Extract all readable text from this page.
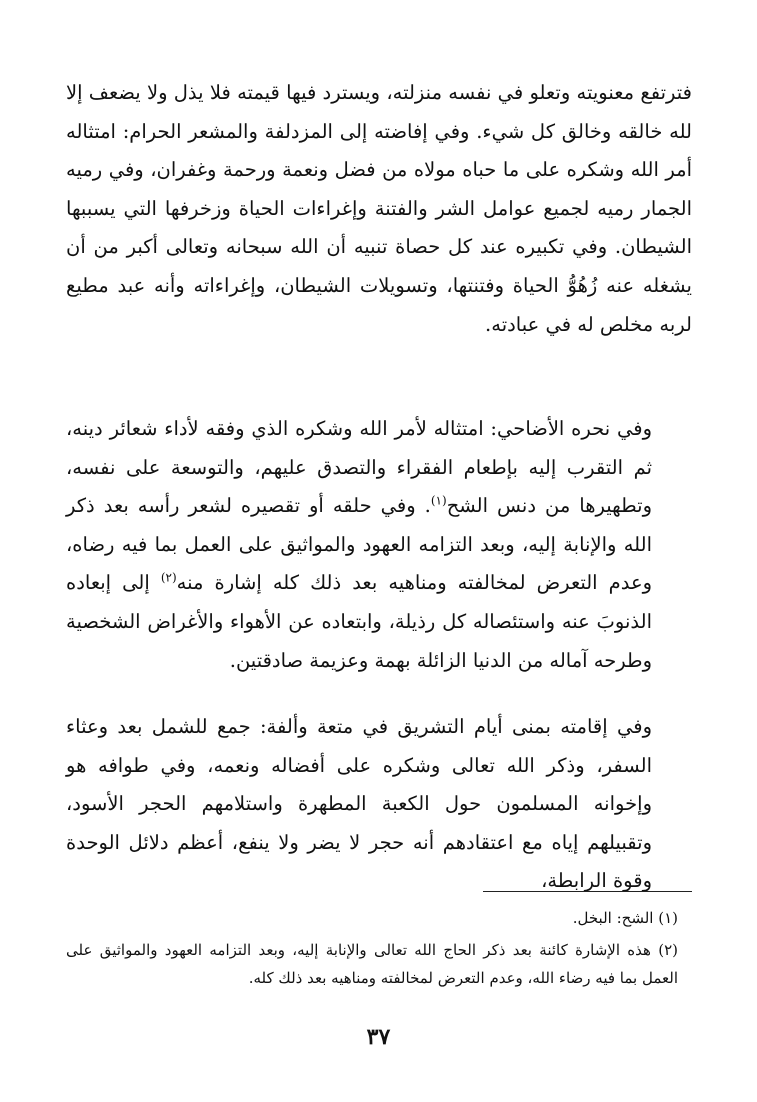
فترتفع معنويته وتعلو في نفسه منزلته، ويسترد فيها قيمته فلا يذل ولا يضعف إلا لله خالقه وخالق كل شيء. وفي إفاضته إلى المزدلفة والمشعر الحرام: امتثاله أمر الله وشكره على ما حباه مولاه من فضل ونعمة ورحمة وغفران، وفي رميه الجمار رميه لجميع عوامل الشر والفتنة وإغراءات الحياة وزخرفها التي يسببها الشيطان. وفي تكبيره عند كل حصاة تنبيه أن الله سبحانه وتعالى أكبر من أن يشغله عنه زُهُوُّ الحياة وفتنتها، وتسويلات الشيطان، وإغراءاته وأنه عبد مطيع لربه مخلص له في عبادته.

وفي نحره الأضاحي: امتثاله لأمر الله وشكره الذي وفقه لأداء شعائر دينه، ثم التقرب إليه بإطعام الفقراء والتصدق عليهم، والتوسعة على نفسه، وتطهيرها من دنس الشح$^{(١)}$. وفي حلقه أو تقصيره لشعر رأسه بعد ذكر الله والإنابة إليه، وبعد التزامه العهود والمواثيق على العمل بما فيه رضاه، وعدم التعرض لمخالفته ومناهيه بعد ذلك كله إشارة منه$^{(٢)}$ إلى إبعاده الذنوبَ عنه واستئصاله كل رذيلة، وابتعاده عن الأهواء والأغراض الشخصية وطرحه آماله من الدنيا الزائلة بهمة وعزيمة صادقتين.

وفي إقامته بمنى أيام التشريق في متعة وألفة: جمع للشمل بعد وعثاء السفر، وذكر الله تعالى وشكره على أفضاله ونعمه، وفي طوافه هو وإخوانه المسلمون حول الكعبة المطهرة واستلامهم الحجر الأسود، وتقبيلهم إياه مع اعتقادهم أنه حجر لا يضر ولا ينفع، أعظم دلائل الوحدة وقوة الرابطة،

(١) الشح: البخل.

(٢) هذه الإشارة كائنة بعد ذكر الحاج الله تعالى والإنابة إليه، وبعد التزامه العهود والمواثيق على العمل بما فيه رضاء الله، وعدم التعرض لمخالفته ومناهيه بعد ذلك كله.

٣٧
